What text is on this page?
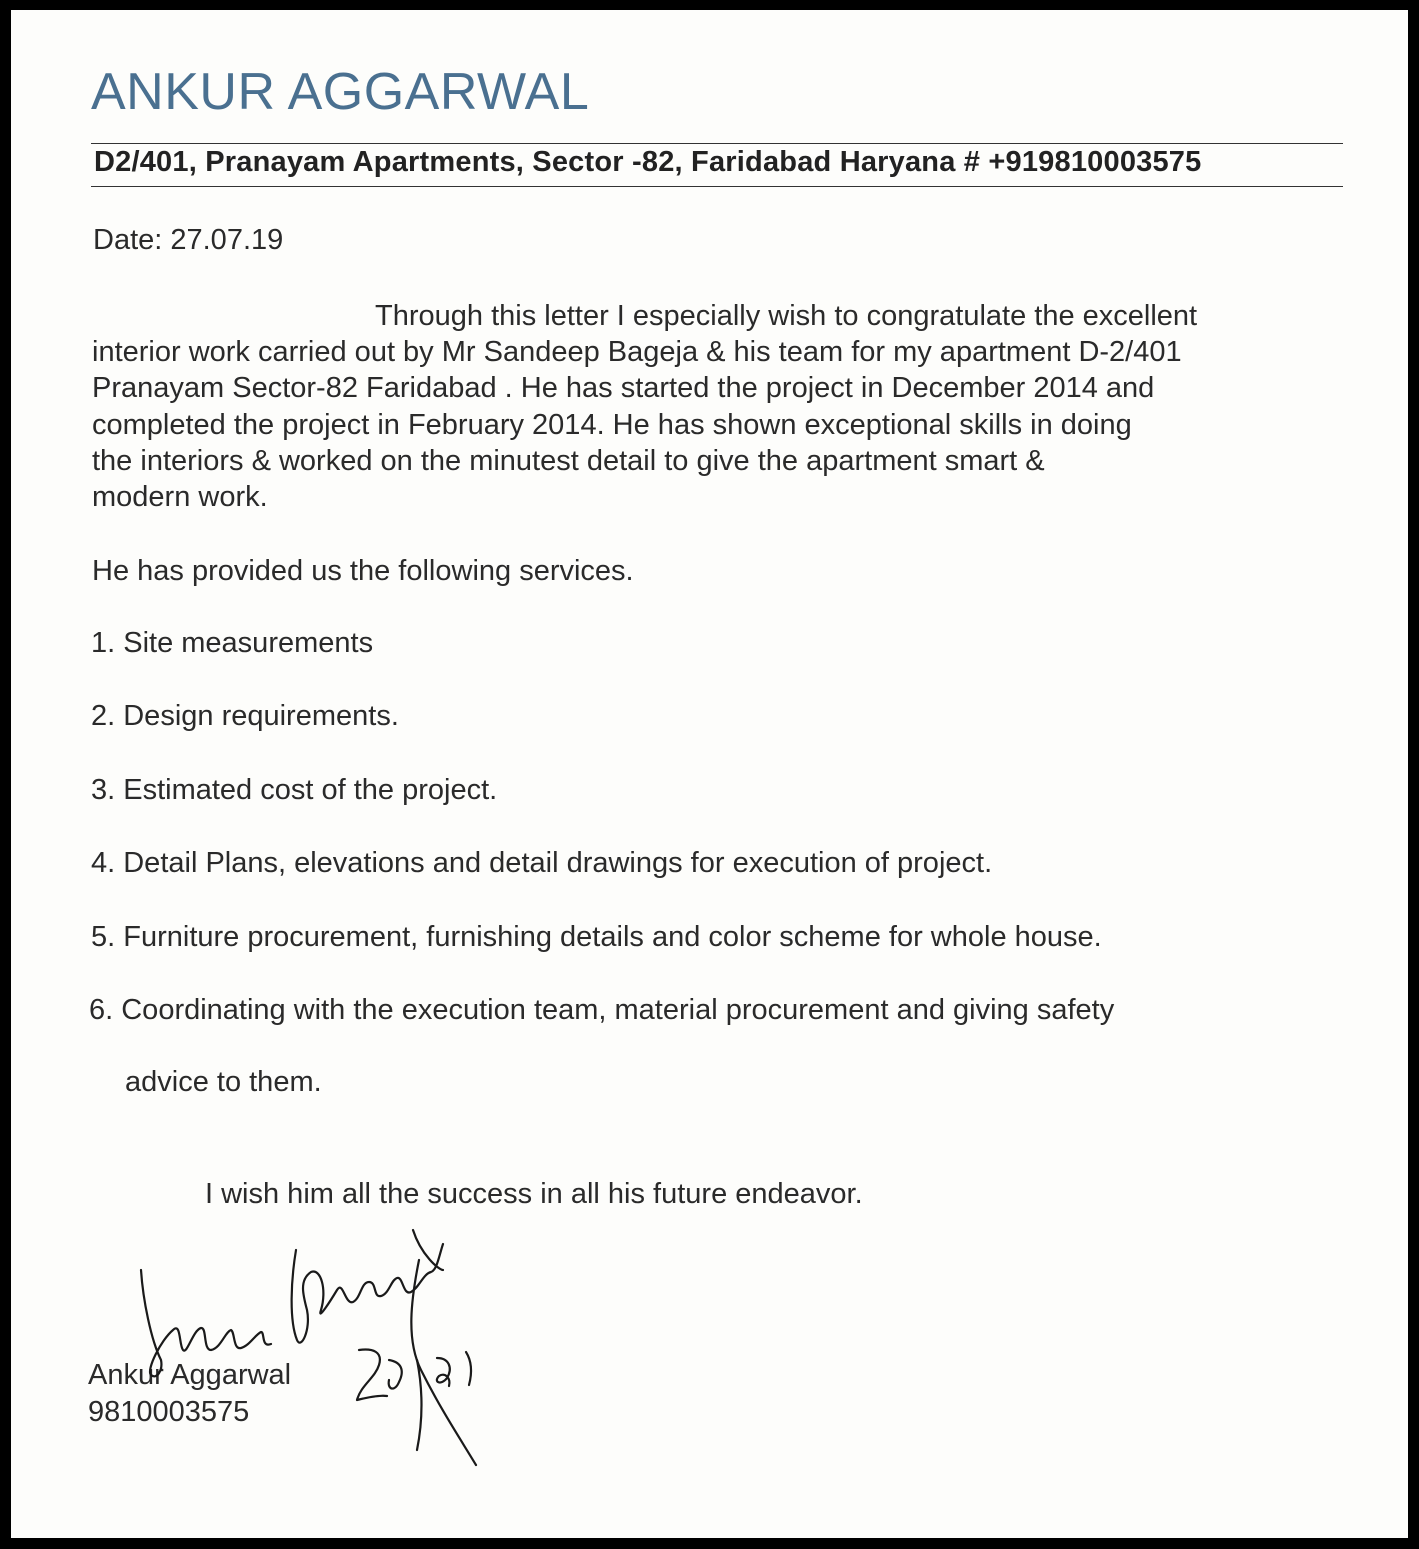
ANKUR AGGARWAL
D2/401, Pranayam Apartments, Sector -82, Faridabad Haryana # +919810003575
Date: 27.07.19
Through this letter I especially wish to congratulate the excellent
interior work carried out by Mr Sandeep Bageja & his team for my apartment D-2/401
Pranayam Sector-82 Faridabad . He has started the project in December 2014 and
completed the project in February 2014. He has shown exceptional skills in doing
the interiors & worked on the minutest detail to give the apartment smart &
modern work.
He has provided us the following services.
1. Site measurements
2. Design requirements.
3. Estimated cost of the project.
4. Detail Plans, elevations and detail drawings for execution of project.
5. Furniture procurement, furnishing details and color scheme for whole house.
6. Coordinating with the execution team, material procurement and giving safety
advice to them.
I wish him all the success in all his future endeavor.
Ankur Aggarwal
9810003575
